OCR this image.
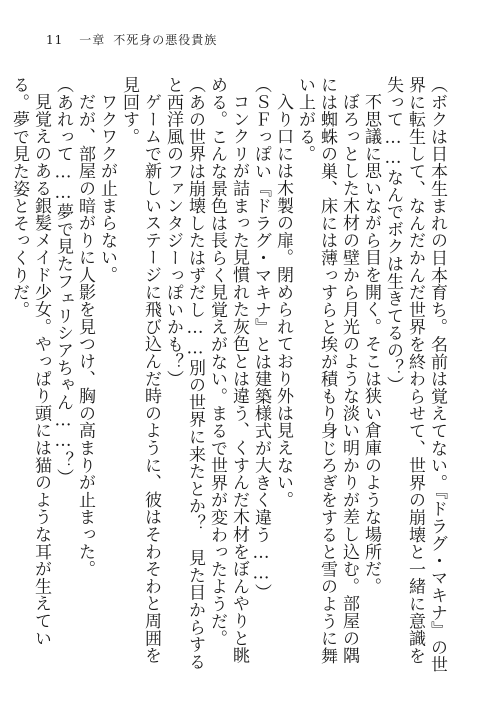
11 一章 不死身の悪役貴族

（ボクは日本生まれの日本育ち。名前は覚えてない。『ドラグ・マキナ』の世界に転生して、なんだかんだ世界を終わらせて、世界の崩壊と一緒に意識を失って……なんでボクは生きてるの？）

不思議に思いながら目を開く。そこは狭い倉庫のような場所だ。

ぼろっとした木材の壁から月光のような淡い明かりが差し込む。部屋の隅には蜘蛛の巣、床には薄っすらと埃が積もり身じろぎをすると雪のように舞い上がる。

入り口には木製の扉。閉められており外は見えない。

（ＳＦっぽい『ドラグ・マキナ』とは建築様式が大きく違う……）

コンクリが詰まった見慣れた灰色とは違う、くすんだ木材をぼんやりと眺める。こんな景色は長らく見覚えがない。まるで世界が変わったようだ。

（あの世界は崩壊したはずだし……別の世界に来たとか？　見た目からすると西洋風のファンタジーっぽいかも？）

ゲームで新しいステージに飛び込んだ時のように、彼はそわそわと周囲を見回す。

ワクワクが止まらない。

だが、部屋の暗がりに人影を見つけ、胸の高まりが止まった。

（あれって……夢で見たフェリシアちゃん……？）

見覚えのある銀髪メイド少女。やっぱり頭には猫のような耳が生えている。夢で見た姿とそっくりだ。
